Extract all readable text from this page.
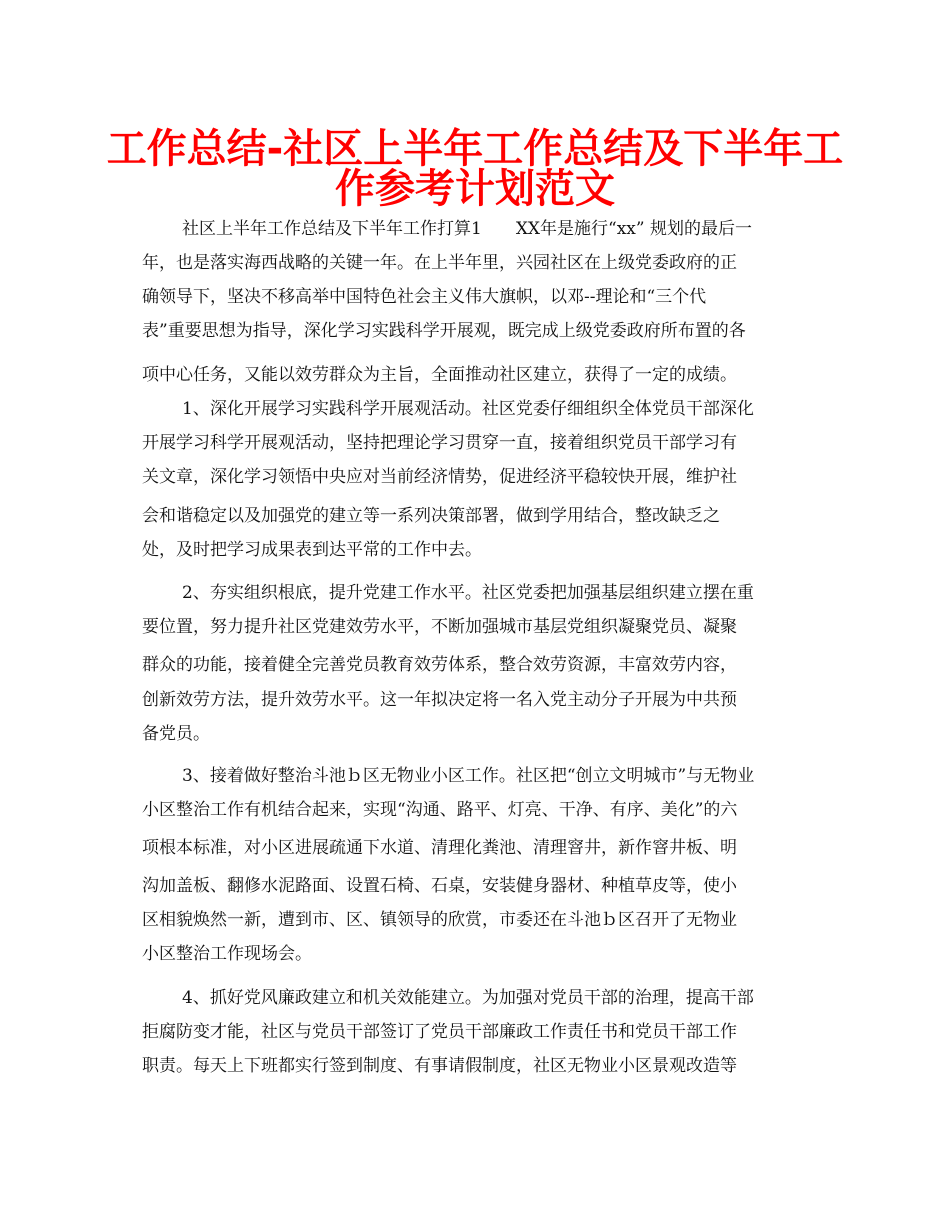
工作总结-社区上半年工作总结及下半年工
作参考计划范文
社区上半年工作总结及下半年工作打算1　　XX年是施行“xx” 规划的最后一
年，也是落实海西战略的关键一年。在上半年里，兴园社区在上级党委政府的正
确领导下，坚决不移高举中国特色社会主义伟大旗帜，以邓--理论和“三个代
表”重要思想为指导，深化学习实践科学开展观，既完成上级党委政府所布置的各
项中心任务，又能以效劳群众为主旨，全面推动社区建立，获得了一定的成绩。
1、深化开展学习实践科学开展观活动。社区党委仔细组织全体党员干部深化
开展学习科学开展观活动，坚持把理论学习贯穿一直，接着组织党员干部学习有
关文章，深化学习领悟中央应对当前经济情势，促进经济平稳较快开展，维护社
会和谐稳定以及加强党的建立等一系列决策部署，做到学用结合，整改缺乏之
处，及时把学习成果表到达平常的工作中去。
2、夯实组织根底，提升党建工作水平。社区党委把加强基层组织建立摆在重
要位置，努力提升社区党建效劳水平，不断加强城市基层党组织凝聚党员、凝聚
群众的功能，接着健全完善党员教育效劳体系，整合效劳资源，丰富效劳内容，
创新效劳方法，提升效劳水平。这一年拟决定将一名入党主动分子开展为中共预
备党员。
3、接着做好整治斗池ｂ区无物业小区工作。社区把“创立文明城市”与无物业
小区整治工作有机结合起来，实现“沟通、路平、灯亮、干净、有序、美化”的六
项根本标准，对小区进展疏通下水道、清理化粪池、清理窨井，新作窨井板、明
沟加盖板、翻修水泥路面、设置石椅、石桌，安装健身器材、种植草皮等，使小
区相貌焕然一新，遭到市、区、镇领导的欣赏，市委还在斗池ｂ区召开了无物业
小区整治工作现场会。
4、抓好党风廉政建立和机关效能建立。为加强对党员干部的治理，提高干部
拒腐防变才能，社区与党员干部签订了党员干部廉政工作责任书和党员干部工作
职责。每天上下班都实行签到制度、有事请假制度，社区无物业小区景观改造等
